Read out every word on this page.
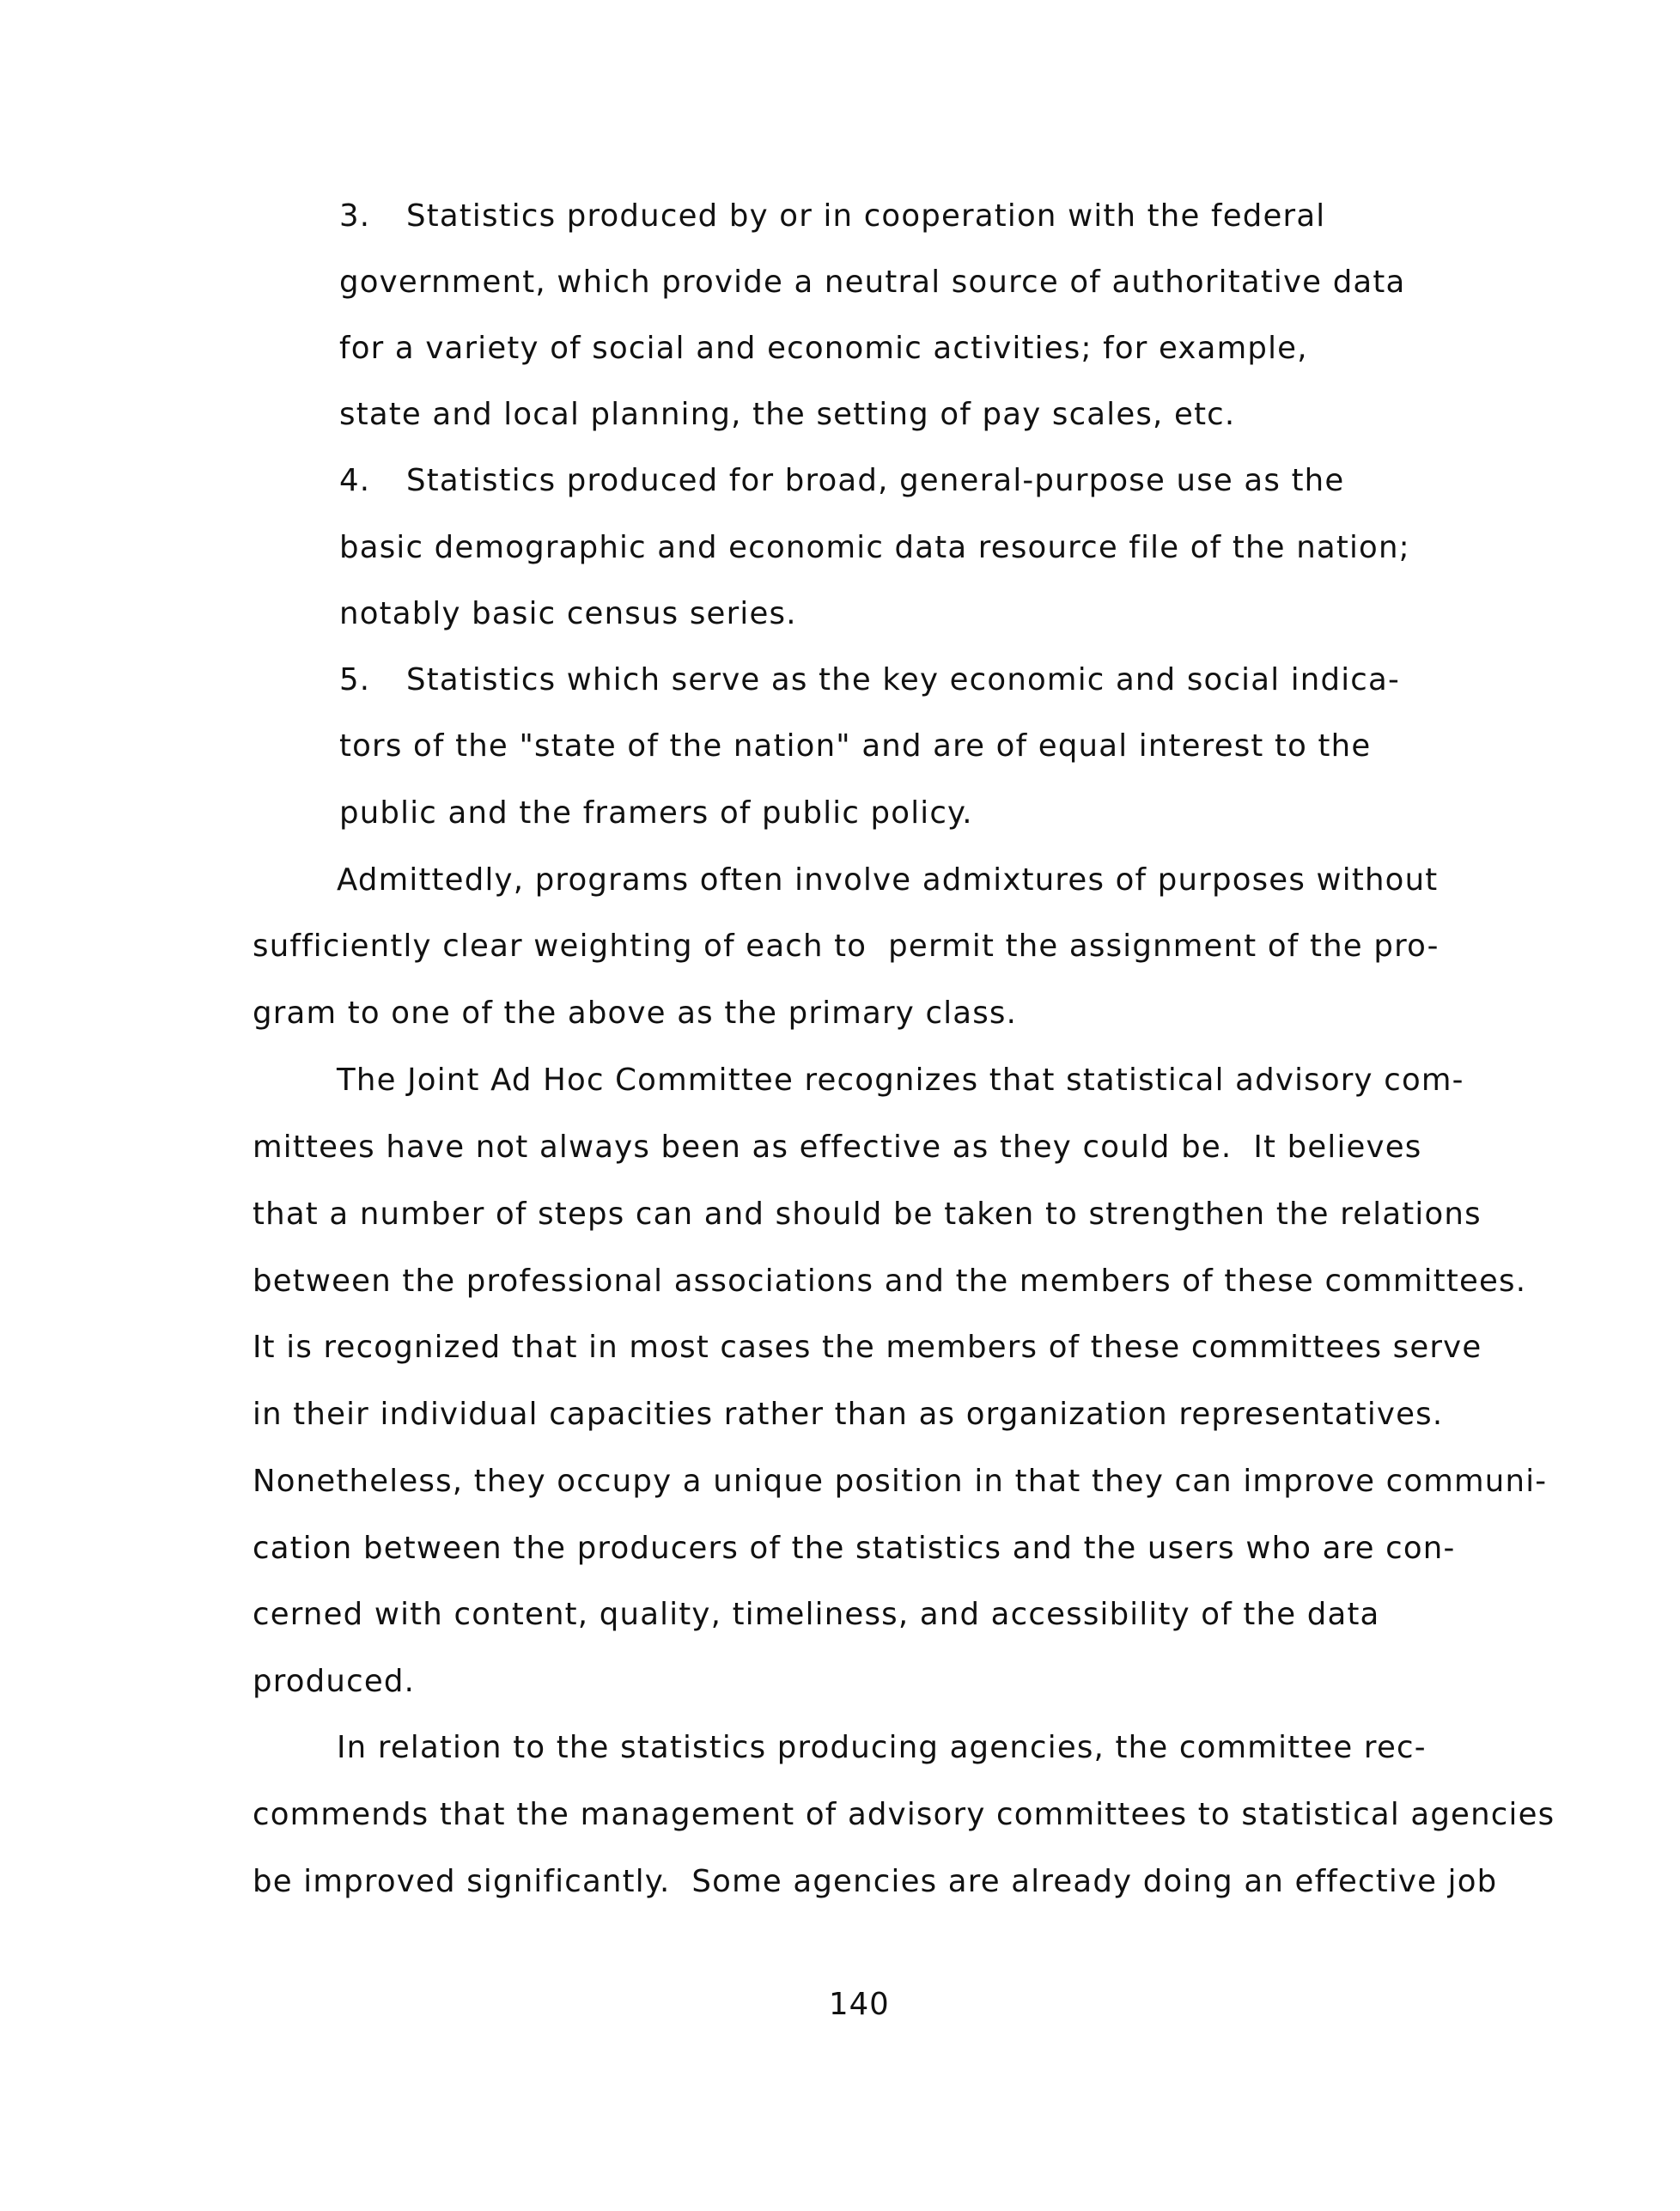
3. Statistics produced by or in cooperation with the federal
government, which provide a neutral source of authoritative data
for a variety of social and economic activities; for example,
state and local planning, the setting of pay scales, etc.
4. Statistics produced for broad, general-purpose use as the
basic demographic and economic data resource file of the nation;
notably basic census series.
5. Statistics which serve as the key economic and social indica-
tors of the "state of the nation" and are of equal interest to the
public and the framers of public policy.
Admittedly, programs often involve admixtures of purposes without
sufficiently clear weighting of each to  permit the assignment of the pro-
gram to one of the above as the primary class.
The Joint Ad Hoc Committee recognizes that statistical advisory com-
mittees have not always been as effective as they could be.  It believes
that a number of steps can and should be taken to strengthen the relations
between the professional associations and the members of these committees.
It is recognized that in most cases the members of these committees serve
in their individual capacities rather than as organization representatives.
Nonetheless, they occupy a unique position in that they can improve communi-
cation between the producers of the statistics and the users who are con-
cerned with content, quality, timeliness, and accessibility of the data
produced.
In relation to the statistics producing agencies, the committee rec-
commends that the management of advisory committees to statistical agencies
be improved significantly.  Some agencies are already doing an effective job
140
